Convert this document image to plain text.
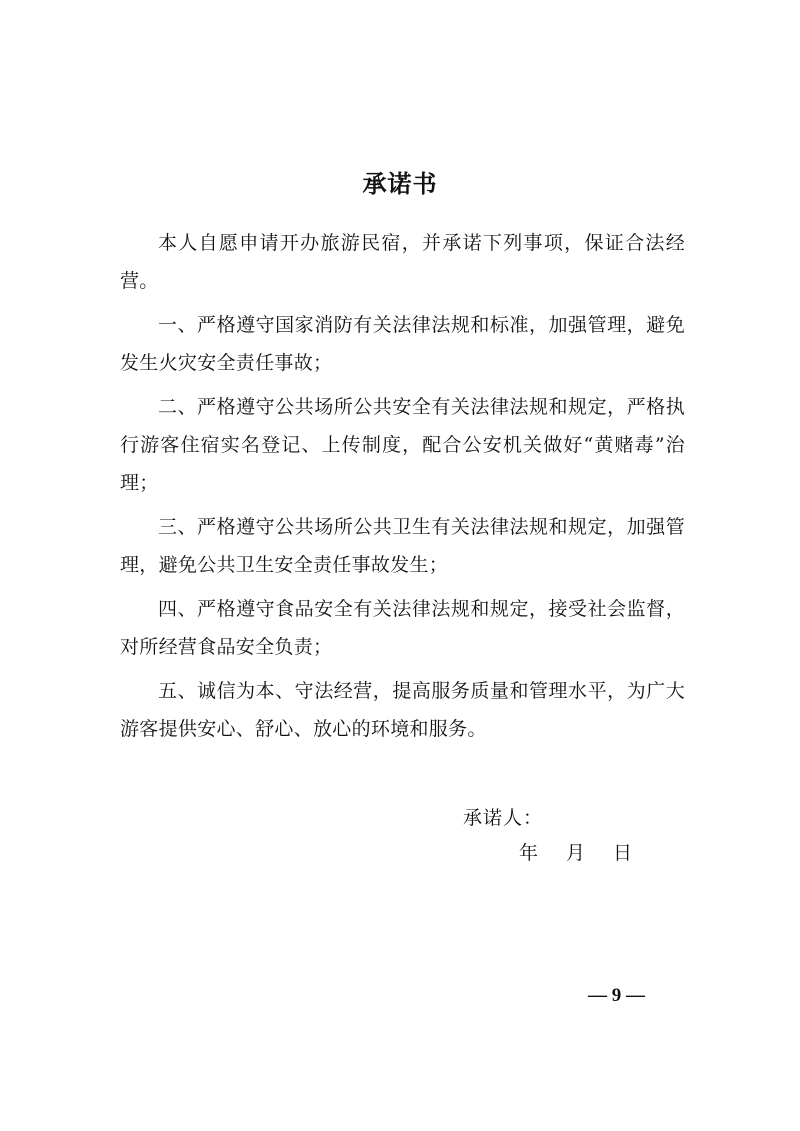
承诺书

本人自愿申请开办旅游民宿，并承诺下列事项，保证合法经营。

一、严格遵守国家消防有关法律法规和标准，加强管理，避免发生火灾安全责任事故；

二、严格遵守公共场所公共安全有关法律法规和规定，严格执行游客住宿实名登记、上传制度，配合公安机关做好“黄赌毒”治理；

三、严格遵守公共场所公共卫生有关法律法规和规定，加强管理，避免公共卫生安全责任事故发生；

四、严格遵守食品安全有关法律法规和规定，接受社会监督，对所经营食品安全负责；

五、诚信为本、守法经营，提高服务质量和管理水平，为广大游客提供安心、舒心、放心的环境和服务。

承诺人：
年 月 日
— 9 —
